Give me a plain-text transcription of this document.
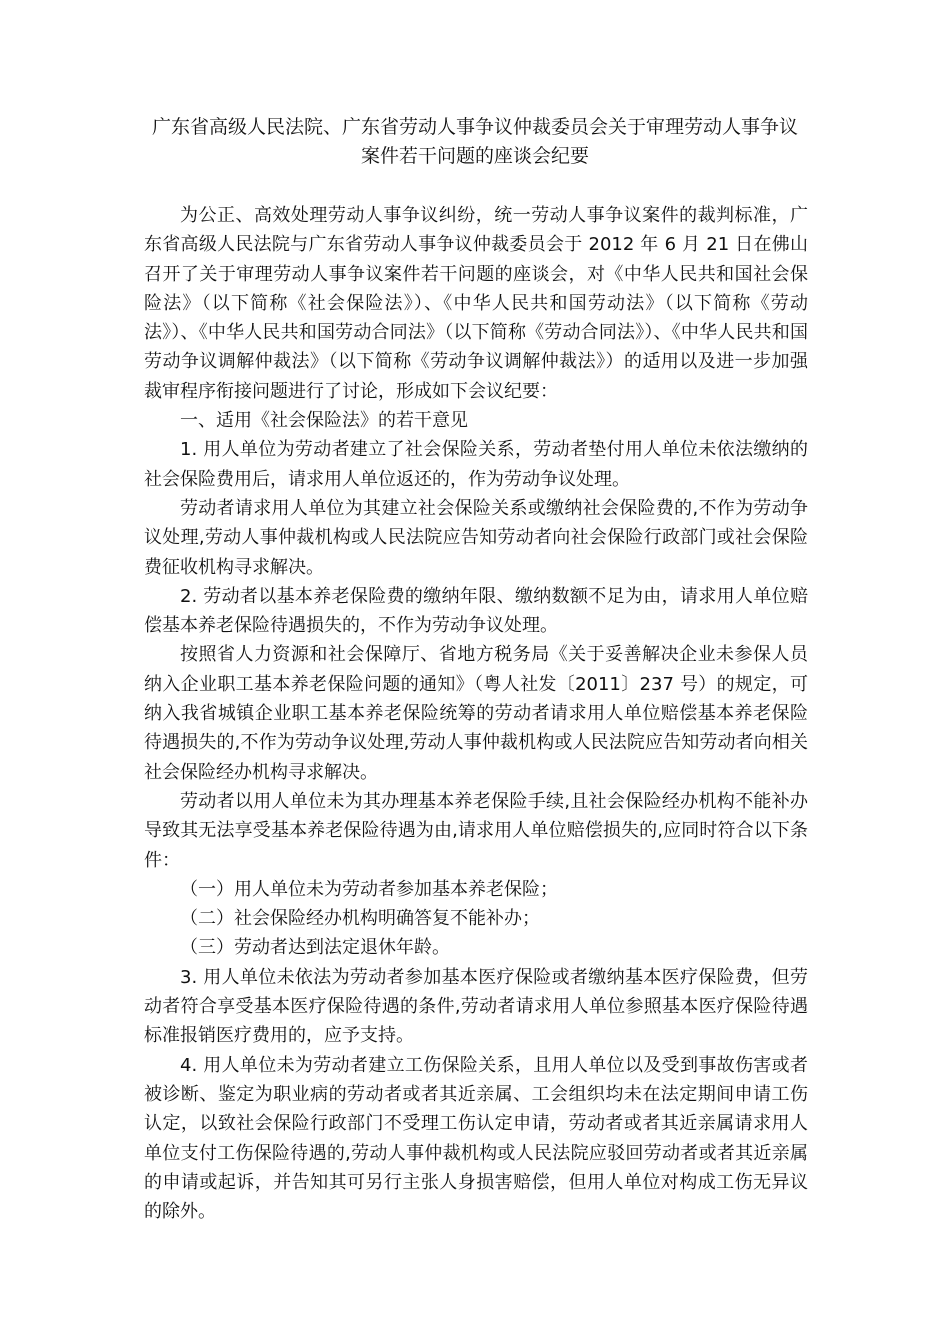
广东省高级人民法院、广东省劳动人事争议仲裁委员会关于审理劳动人事争议
案件若干问题的座谈会纪要

为公正、高效处理劳动人事争议纠纷，统一劳动人事争议案件的裁判标准，广东省高级人民法院与广东省劳动人事争议仲裁委员会于 2012 年 6 月 21 日在佛山召开了关于审理劳动人事争议案件若干问题的座谈会，对《中华人民共和国社会保险法》（以下简称《社会保险法》）、《中华人民共和国劳动法》（以下简称《劳动法》）、《中华人民共和国劳动合同法》（以下简称《劳动合同法》）、《中华人民共和国劳动争议调解仲裁法》（以下简称《劳动争议调解仲裁法》）的适用以及进一步加强裁审程序衔接问题进行了讨论，形成如下会议纪要：

一、适用《社会保险法》的若干意见

1. 用人单位为劳动者建立了社会保险关系，劳动者垫付用人单位未依法缴纳的社会保险费用后，请求用人单位返还的，作为劳动争议处理。

劳动者请求用人单位为其建立社会保险关系或缴纳社会保险费的,不作为劳动争议处理,劳动人事仲裁机构或人民法院应告知劳动者向社会保险行政部门或社会保险费征收机构寻求解决。

2. 劳动者以基本养老保险费的缴纳年限、缴纳数额不足为由，请求用人单位赔偿基本养老保险待遇损失的，不作为劳动争议处理。

按照省人力资源和社会保障厅、省地方税务局《关于妥善解决企业未参保人员纳入企业职工基本养老保险问题的通知》（粤人社发〔2011〕237 号）的规定，可纳入我省城镇企业职工基本养老保险统筹的劳动者请求用人单位赔偿基本养老保险待遇损失的,不作为劳动争议处理,劳动人事仲裁机构或人民法院应告知劳动者向相关社会保险经办机构寻求解决。

劳动者以用人单位未为其办理基本养老保险手续,且社会保险经办机构不能补办导致其无法享受基本养老保险待遇为由,请求用人单位赔偿损失的,应同时符合以下条件：

（一）用人单位未为劳动者参加基本养老保险；

（二）社会保险经办机构明确答复不能补办；

（三）劳动者达到法定退休年龄。

3. 用人单位未依法为劳动者参加基本医疗保险或者缴纳基本医疗保险费，但劳动者符合享受基本医疗保险待遇的条件,劳动者请求用人单位参照基本医疗保险待遇标准报销医疗费用的，应予支持。

4. 用人单位未为劳动者建立工伤保险关系，且用人单位以及受到事故伤害或者被诊断、鉴定为职业病的劳动者或者其近亲属、工会组织均未在法定期间申请工伤认定，以致社会保险行政部门不受理工伤认定申请，劳动者或者其近亲属请求用人单位支付工伤保险待遇的,劳动人事仲裁机构或人民法院应驳回劳动者或者其近亲属的申请或起诉，并告知其可另行主张人身损害赔偿，但用人单位对构成工伤无异议的除外。
